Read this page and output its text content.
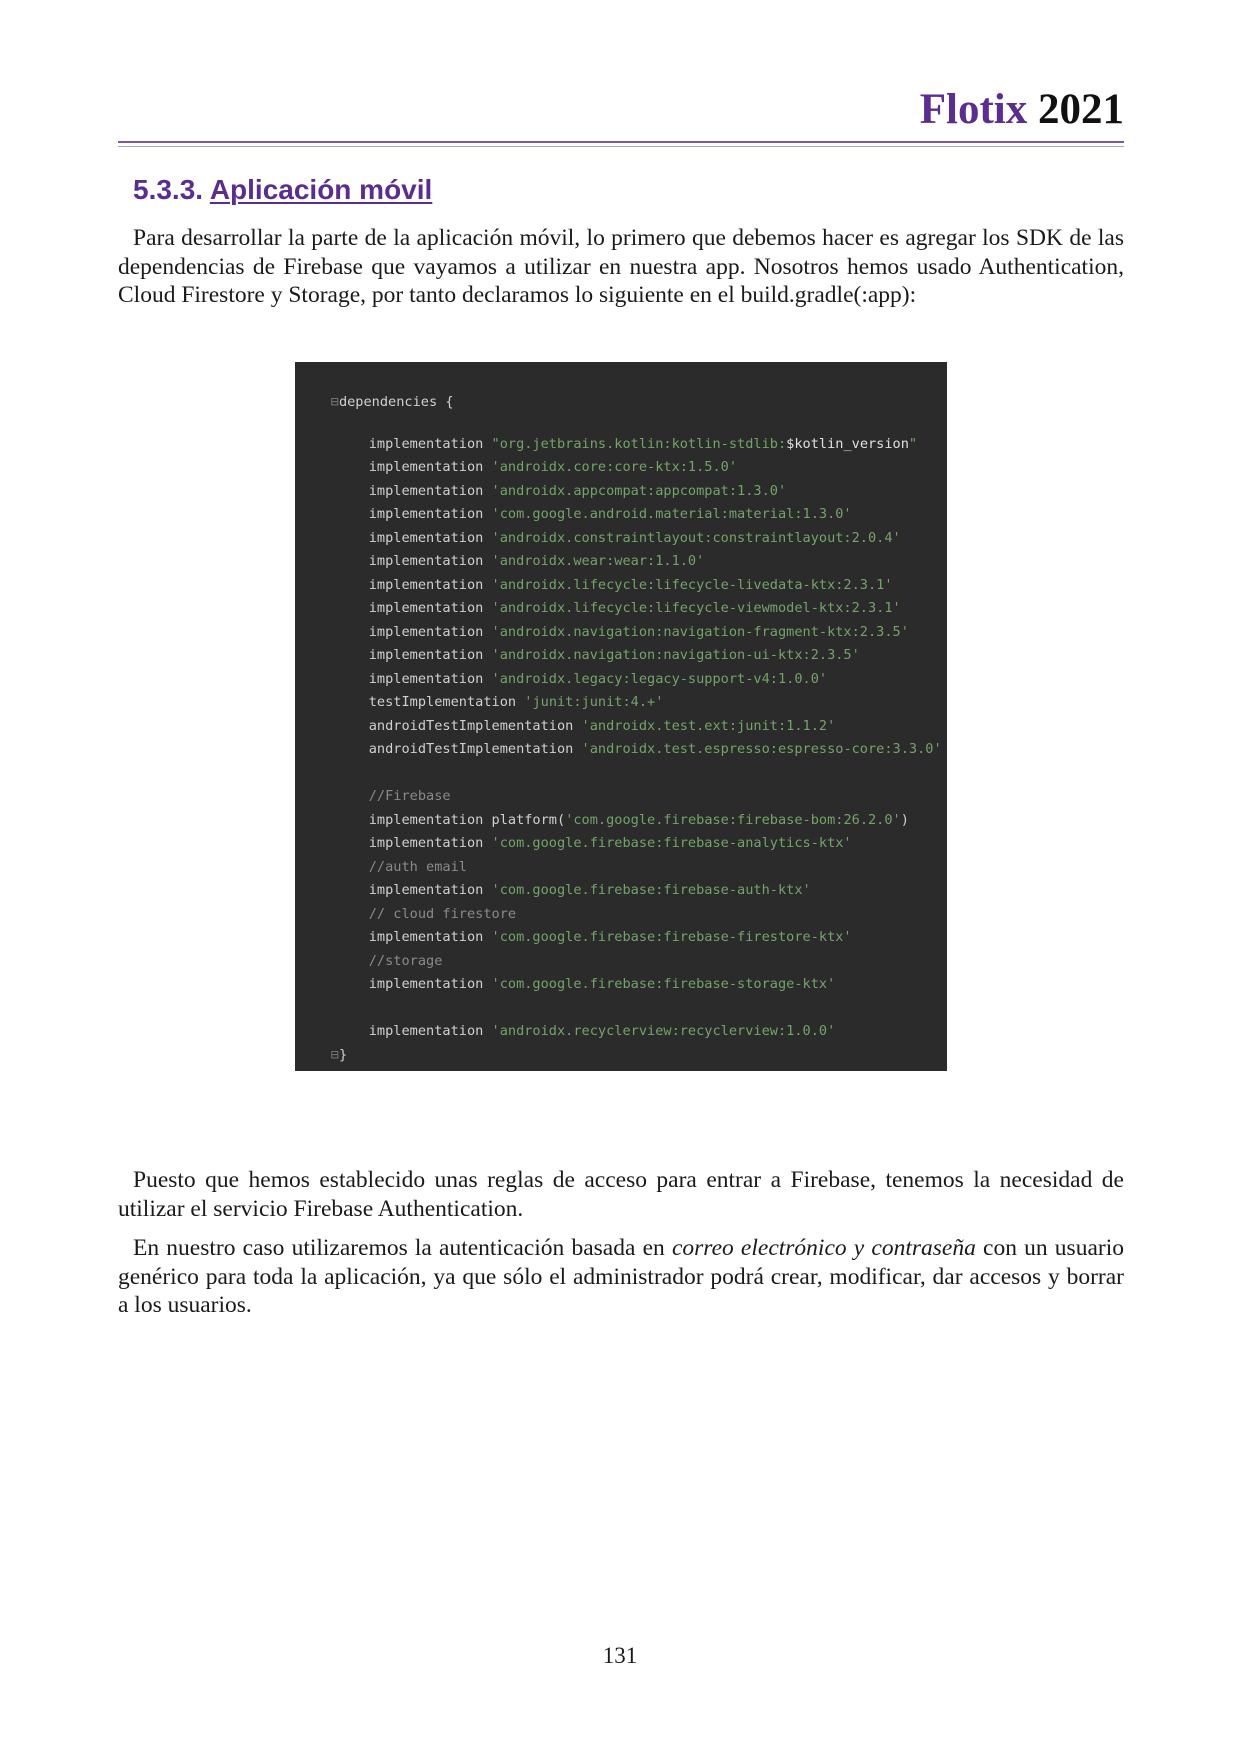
Flotix 2021
5.3.3. Aplicación móvil

Para desarrollar la parte de la aplicación móvil, lo primero que debemos hacer es agregar los SDK de las dependencias de Firebase que vayamos a utilizar en nuestra app. Nosotros hemos usado Authentication, Cloud Firestore y Storage, por tanto declaramos lo siguiente en el build.gradle(:app):

⊟dependencies {

implementation "org.jetbrains.kotlin:kotlin-stdlib:$kotlin_version"

implementation 'androidx.core:core-ktx:1.5.0'

implementation 'androidx.appcompat:appcompat:1.3.0'

implementation 'com.google.android.material:material:1.3.0'

implementation 'androidx.constraintlayout:constraintlayout:2.0.4'

implementation 'androidx.wear:wear:1.1.0'

implementation 'androidx.lifecycle:lifecycle-livedata-ktx:2.3.1'

implementation 'androidx.lifecycle:lifecycle-viewmodel-ktx:2.3.1'

implementation 'androidx.navigation:navigation-fragment-ktx:2.3.5'

implementation 'androidx.navigation:navigation-ui-ktx:2.3.5'

implementation 'androidx.legacy:legacy-support-v4:1.0.0'

testImplementation 'junit:junit:4.+'

androidTestImplementation 'androidx.test.ext:junit:1.1.2'

androidTestImplementation 'androidx.test.espresso:espresso-core:3.3.0'

//Firebase

implementation platform('com.google.firebase:firebase-bom:26.2.0')

implementation 'com.google.firebase:firebase-analytics-ktx'

//auth email

implementation 'com.google.firebase:firebase-auth-ktx'

// cloud firestore

implementation 'com.google.firebase:firebase-firestore-ktx'

//storage

implementation 'com.google.firebase:firebase-storage-ktx'

implementation 'androidx.recyclerview:recyclerview:1.0.0'

⊟}

Puesto que hemos establecido unas reglas de acceso para entrar a Firebase, tenemos la necesidad de utilizar el servicio Firebase Authentication.

En nuestro caso utilizaremos la autenticación basada en correo electrónico y contraseña con un usuario genérico para toda la aplicación, ya que sólo el administrador podrá crear, modificar, dar accesos y borrar a los usuarios.

131
